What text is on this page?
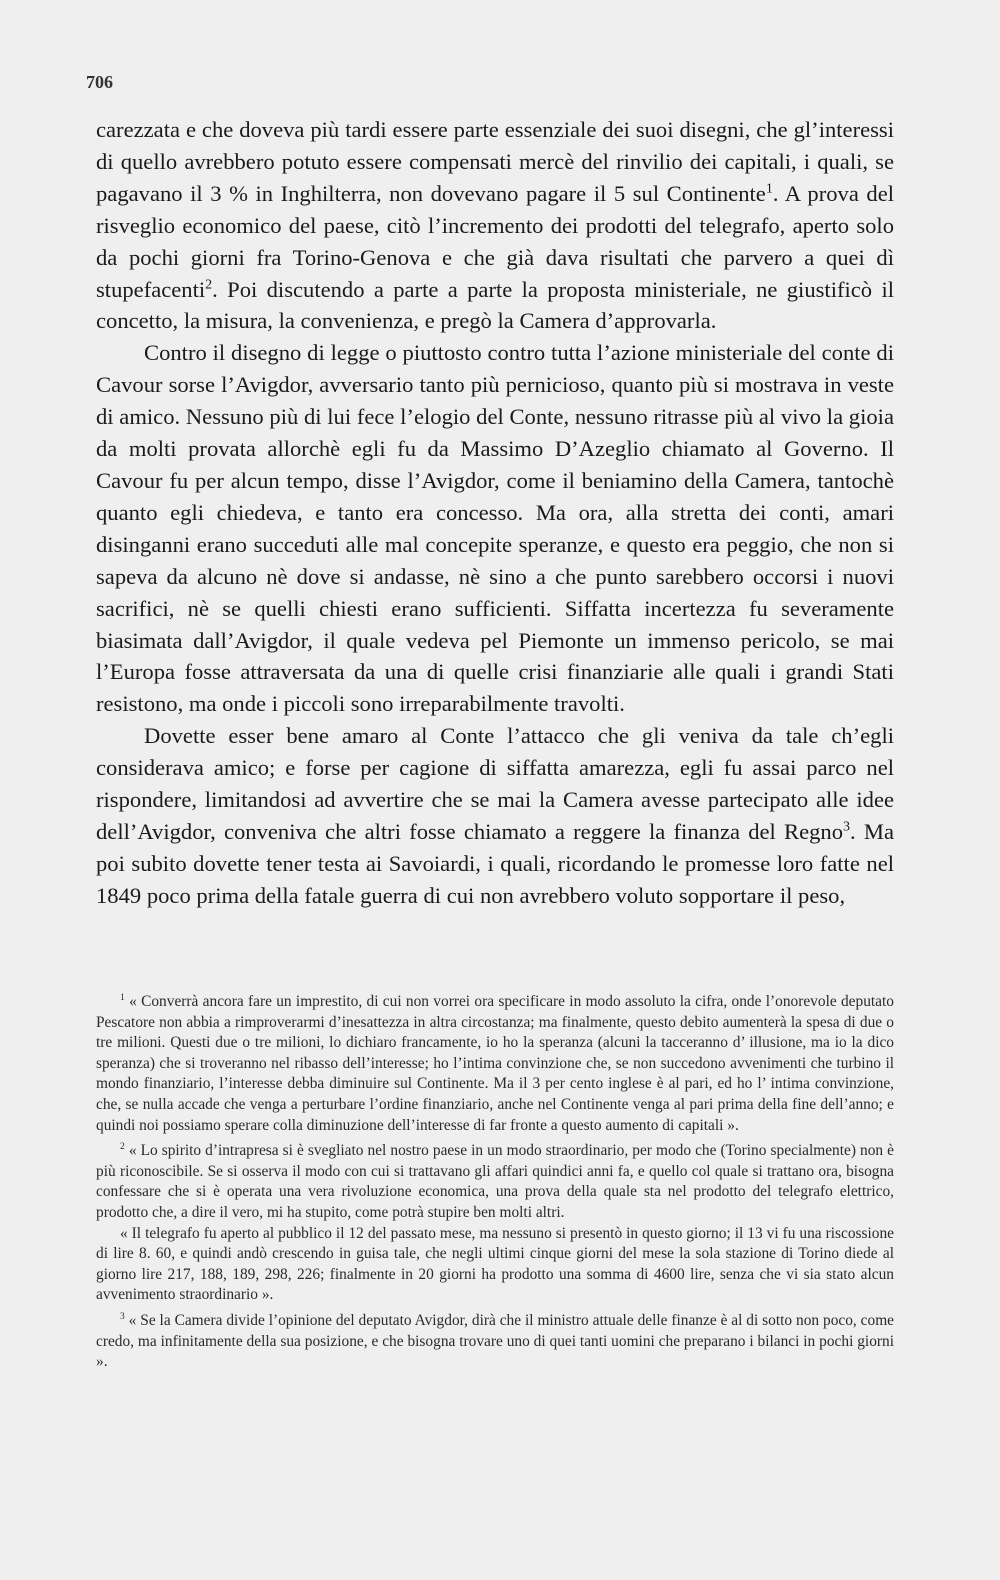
706

carezzata e che doveva più tardi essere parte essenziale dei suoi disegni, che gl’interessi di quello avrebbero potuto essere compensati mercè del rinvilio dei capitali, i quali, se pagavano il 3 % in Inghilterra, non dovevano pagare il 5 sul Continente$^1$. A prova del risveglio economico del paese, citò l’incremento dei prodotti del telegrafo, aperto solo da pochi giorni fra Torino-Genova e che già dava risultati che parvero a quei dì stupefacenti$^2$. Poi discutendo a parte a parte la proposta ministeriale, ne giustificò il concetto, la misura, la convenienza, e pregò la Camera d’approvarla.

Contro il disegno di legge o piuttosto contro tutta l’azione ministeriale del conte di Cavour sorse l’Avigdor, avversario tanto più pernicioso, quanto più si mostrava in veste di amico. Nessuno più di lui fece l’elogio del Conte, nessuno ritrasse più al vivo la gioia da molti provata allorchè egli fu da Massimo D’Azeglio chiamato al Governo. Il Cavour fu per alcun tempo, disse l’Avigdor, come il beniamino della Camera, tantochè quanto egli chiedeva, e tanto era concesso. Ma ora, alla stretta dei conti, amari disinganni erano succeduti alle mal concepite speranze, e questo era peggio, che non si sapeva da alcuno nè dove si andasse, nè sino a che punto sarebbero occorsi i nuovi sacrifici, nè se quelli chiesti erano sufficienti. Siffatta incertezza fu severamente biasimata dall’Avigdor, il quale vedeva pel Piemonte un immenso pericolo, se mai l’Europa fosse attraversata da una di quelle crisi finanziarie alle quali i grandi Stati resistono, ma onde i piccoli sono irreparabilmente travolti.

Dovette esser bene amaro al Conte l’attacco che gli veniva da tale ch’egli considerava amico; e forse per cagione di siffatta amarezza, egli fu assai parco nel rispondere, limitandosi ad avvertire che se mai la Camera avesse partecipato alle idee dell’Avigdor, conveniva che altri fosse chiamato a reggere la finanza del Regno$^3$. Ma poi subito dovette tener testa ai Savoiardi, i quali, ricordando le promesse loro fatte nel 1849 poco prima della fatale guerra di cui non avrebbero voluto sopportare il peso,

$^1$ « Converrà ancora fare un imprestito, di cui non vorrei ora specificare in modo assoluto la cifra, onde l’onorevole deputato Pescatore non abbia a rimproverarmi d’inesattezza in altra circostanza; ma finalmente, questo debito aumenterà la spesa di due o tre milioni. Questi due o tre milioni, lo dichiaro francamente, io ho la speranza (alcuni la tacceranno d’ illusione, ma io la dico speranza) che si troveranno nel ribasso dell’interesse; ho l’intima convinzione che, se non succedono avvenimenti che turbino il mondo finanziario, l’interesse debba diminuire sul Continente. Ma il 3 per cento inglese è al pari, ed ho l’ intima convinzione, che, se nulla accade che venga a perturbare l’ordine finanziario, anche nel Continente venga al pari prima della fine dell’anno; e quindi noi possiamo sperare colla diminuzione dell’interesse di far fronte a questo aumento di capitali ».

$^2$ « Lo spirito d’intrapresa si è svegliato nel nostro paese in un modo straordinario, per modo che (Torino specialmente) non è più riconoscibile. Se si osserva il modo con cui si trattavano gli affari quindici anni fa, e quello col quale si trattano ora, bisogna confessare che si è operata una vera rivoluzione economica, una prova della quale sta nel prodotto del telegrafo elettrico, prodotto che, a dire il vero, mi ha stupito, come potrà stupire ben molti altri.

« Il telegrafo fu aperto al pubblico il 12 del passato mese, ma nessuno si presentò in questo giorno; il 13 vi fu una riscossione di lire 8. 60, e quindi andò crescendo in guisa tale, che negli ultimi cinque giorni del mese la sola stazione di Torino diede al giorno lire 217, 188, 189, 298, 226; finalmente in 20 giorni ha prodotto una somma di 4600 lire, senza che vi sia stato alcun avvenimento straordinario ».

$^3$ « Se la Camera divide l’opinione del deputato Avigdor, dirà che il ministro attuale delle finanze è al di sotto non poco, come credo, ma infinitamente della sua posizione, e che bisogna trovare uno di quei tanti uomini che preparano i bilanci in pochi giorni ».
